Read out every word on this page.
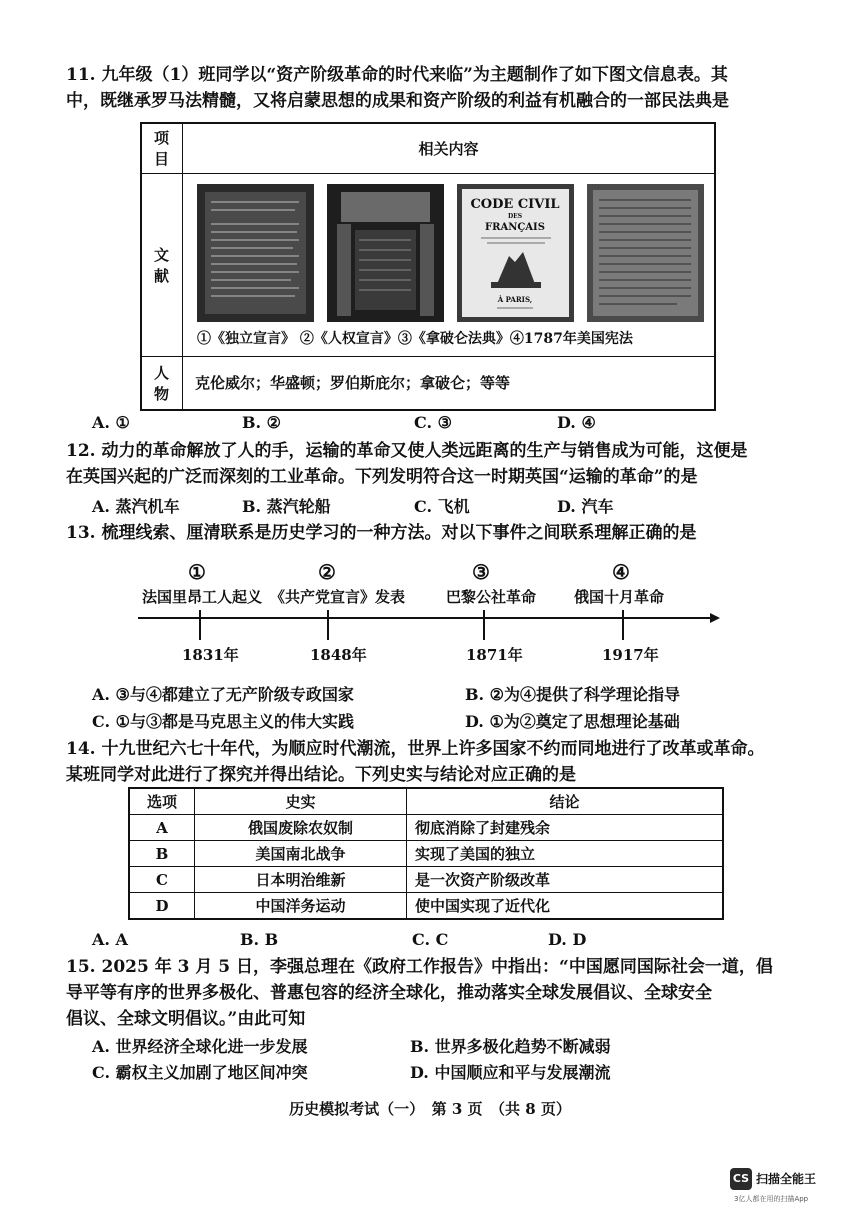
11. 九年级（1）班同学以“资产阶级革命的时代来临”为主题制作了如下图文信息表。其
中，既继承罗马法精髓，又将启蒙思想的成果和资产阶级的利益有机融合的一部民法典是
项目	相关内容
文献	CODE CIVIL
DES
FRANÇAIS
À PARIS,
①《独立宣言》 ②《人权宣言》③《拿破仑法典》④1787年美国宪法

人物	克伦威尔；华盛顿；罗伯斯庇尔；拿破仑；等等
A. ①	B. ②	C. ③	D. ④
12. 动力的革命解放了人的手，运输的革命又使人类远距离的生产与销售成为可能，这便是
在英国兴起的广泛而深刻的工业革命。下列发明符合这一时期英国“运输的革命”的是
A. 蒸汽机车	B. 蒸汽轮船	C. 飞机	D. 汽车
13. 梳理线索、厘清联系是历史学习的一种方法。对以下事件之间联系理解正确的是
①	②	③	④
法国里昂工人起义 《共产党宣言》发表	巴黎公社革命	俄国十月革命
1831年	1848年	1871年	1917年
A. ③与④都建立了无产阶级专政国家	B. ②为④提供了科学理论指导
C. ①与③都是马克思主义的伟大实践	D. ①为②奠定了思想理论基础
14. 十九世纪六七十年代，为顺应时代潮流，世界上许多国家不约而同地进行了改革或革命。
某班同学对此进行了探究并得出结论。下列史实与结论对应正确的是
选项	史实	结论
A	俄国废除农奴制	彻底消除了封建残余
B	美国南北战争	实现了美国的独立
C	日本明治维新	是一次资产阶级改革
D	中国洋务运动	使中国实现了近代化
A. A	B. B	C. C	D. D
15. 2025 年 3 月 5 日，李强总理在《政府工作报告》中指出：“中国愿同国际社会一道，倡
导平等有序的世界多极化、普惠包容的经济全球化，推动落实全球发展倡议、全球安全
倡议、全球文明倡议。”由此可知
A. 世界经济全球化进一步发展	B. 世界多极化趋势不断减弱
C. 霸权主义加剧了地区间冲突	D. 中国顺应和平与发展潮流
历史模拟考试（一）　第 3 页　（共 8 页）
CS 扫描全能王
3亿人都在用的扫描App
